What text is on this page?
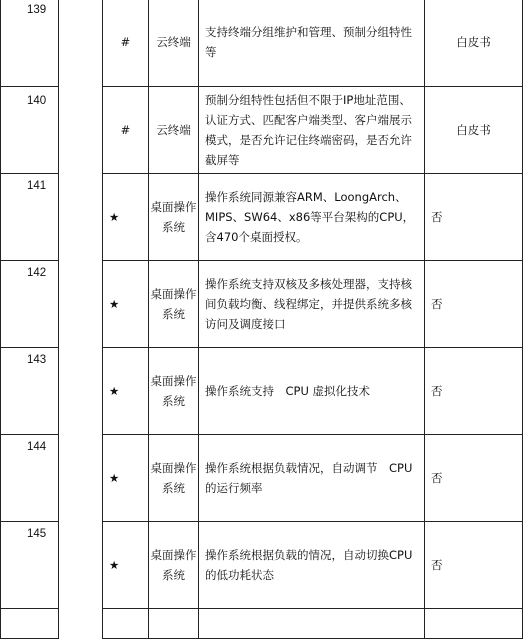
139		#	云终端	支持终端分组维护和管理、预制分组特性等	白皮书
140		#	云终端	预制分组特性包括但不限于IP地址范围、认证方式、匹配客户端类型、客户端展示模式，是否允许记住终端密码，是否允许截屏等	白皮书
141		★	桌面操作系统	操作系统同源兼容ARM、LoongArch、MIPS、SW64、x86等平台架构的CPU，含470个桌面授权。	否
142		★	桌面操作系统	操作系统支持双核及多核处理器，支持核间负载均衡、线程绑定，并提供系统多核访问及调度接口	否
143		★	桌面操作系统	操作系统支持　CPU 虚拟化技术	否
144		★	桌面操作系统	操作系统根据负载情况，自动调节　CPU 的运行频率	否
145		★	桌面操作系统	操作系统根据负载的情况，自动切换CPU　的低功耗状态	否
